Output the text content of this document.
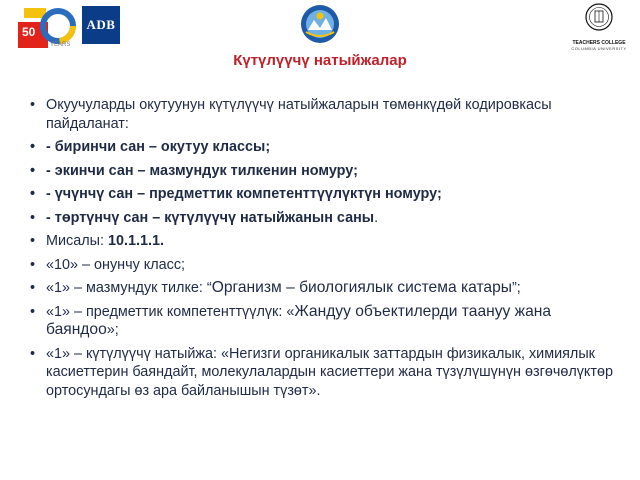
50
YEARS
ADB
TEACHERS COLLEGE
COLUMBIA UNIVERSITY
Күтүлүүчү натыйжалар
• Окуучуларды окутуунун күтүлүүчү натыйжаларын төмөнкүдөй кодировкасы пайдаланат:
• - биринчи сан – окутуу классы;
• - экинчи сан – мазмундук тилкенин номуру;
• - үчүнчү сан – предметтик компетенттүүлүктүн номуру;
• - төртүнчү сан – күтүлүүчү натыйжанын саны.
• Мисалы: 10.1.1.1.
• «10» – онунчу класс;
• «1» – мазмундук тилке: “Организм – биологиялык система катары”;
• «1» – предметтик компетенттүүлүк: «Жандуу объектилерди таануу жана баяндоо»;
• «1» – күтүлүүчү натыйжа: «Негизги органикалык заттардын физикалык, химиялык касиеттерин баяндайт, молекулалардын касиеттери жана түзүлүшүнүн өзгөчөлүктөр ортосундагы өз ара байланышын түзөт».
